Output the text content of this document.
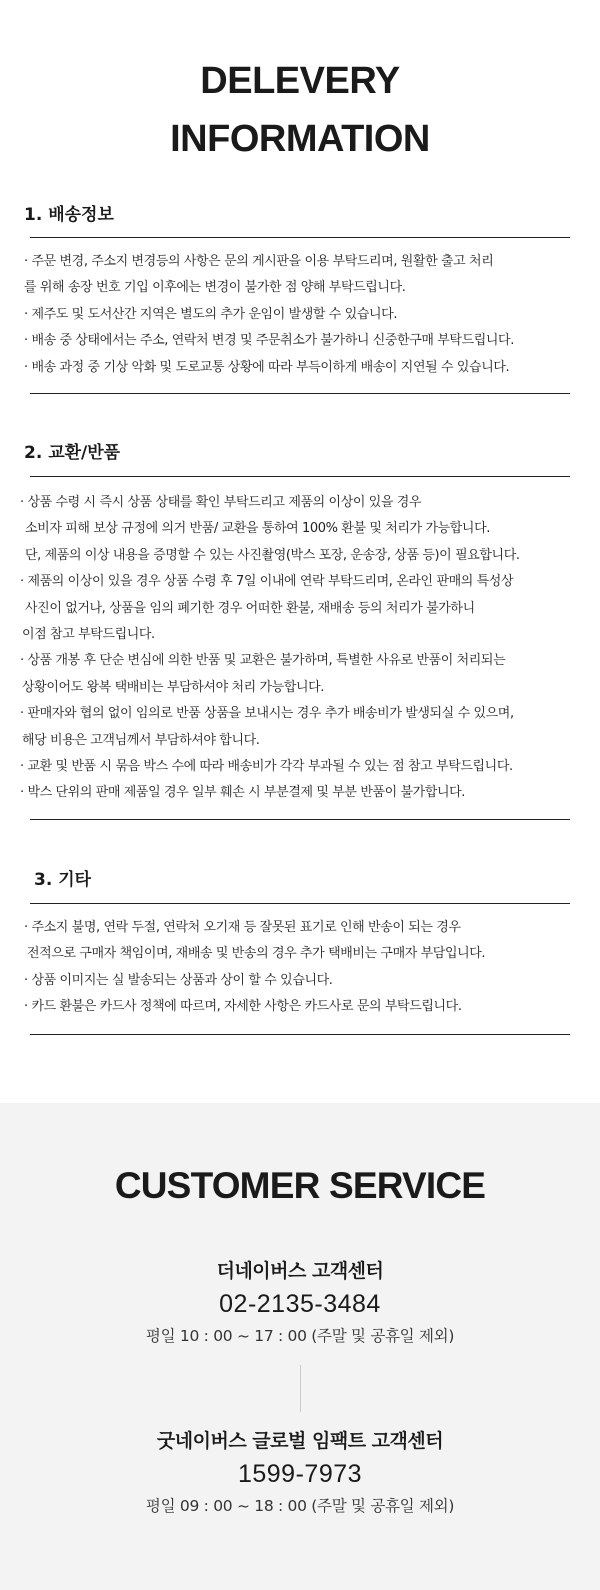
DELEVERY
INFORMATION
1. 배송정보
· 주문 변경, 주소지 변경등의 사항은 문의 게시판을 이용 부탁드리며, 원활한 출고 처리
를 위해 송장 번호 기입 이후에는 변경이 불가한 점 양해 부탁드립니다.
· 제주도 및 도서산간 지역은 별도의 추가 운임이 발생할 수 있습니다.
· 배송 중 상태에서는 주소, 연락처 변경 및 주문취소가 불가하니 신중한구매 부탁드립니다.
· 배송 과정 중 기상 악화 및 도로교통 상황에 따라 부득이하게 배송이 지연될 수 있습니다.
2. 교환/반품
· 상품 수령 시 즉시 상품 상태를 확인 부탁드리고 제품의 이상이 있을 경우
소비자 피해 보상 규정에 의거 반품/ 교환을 통하여 100% 환불 및 처리가 가능합니다.
단, 제품의 이상 내용을 증명할 수 있는 사진촬영(박스 포장, 운송장, 상품 등)이 필요합니다.
· 제품의 이상이 있을 경우 상품 수령 후 7일 이내에 연락 부탁드리며, 온라인 판매의 특성상
사진이 없거나, 상품을 임의 폐기한 경우 어떠한 환불, 재배송 등의 처리가 불가하니
이점 참고 부탁드립니다.
· 상품 개봉 후 단순 변심에 의한 반품 및 교환은 불가하며, 특별한 사유로 반품이 처리되는
상황이어도 왕복 택배비는 부담하셔야 처리 가능합니다.
· 판매자와 협의 없이 임의로 반품 상품을 보내시는 경우 추가 배송비가 발생되실 수 있으며,
해당 비용은 고객님께서 부담하셔야 합니다.
· 교환 및 반품 시 묶음 박스 수에 따라 배송비가 각각 부과될 수 있는 점 참고 부탁드립니다.
· 박스 단위의 판매 제품일 경우 일부 훼손 시 부분결제 및 부분 반품이 불가합니다.
3. 기타
· 주소지 불명, 연락 두절, 연락처 오기재 등 잘못된 표기로 인해 반송이 되는 경우
전적으로 구매자 책임이며, 재배송 및 반송의 경우 추가 택배비는 구매자 부담입니다.
· 상품 이미지는 실 발송되는 상품과 상이 할 수 있습니다.
· 카드 환불은 카드사 정책에 따르며, 자세한 사항은 카드사로 문의 부탁드립니다.
CUSTOMER SERVICE
더네이버스 고객센터
02-2135-3484
평일 10 : 00 ~ 17 : 00 (주말 및 공휴일 제외)
굿네이버스 글로벌 임팩트 고객센터
1599-7973
평일 09 : 00 ~ 18 : 00 (주말 및 공휴일 제외)
